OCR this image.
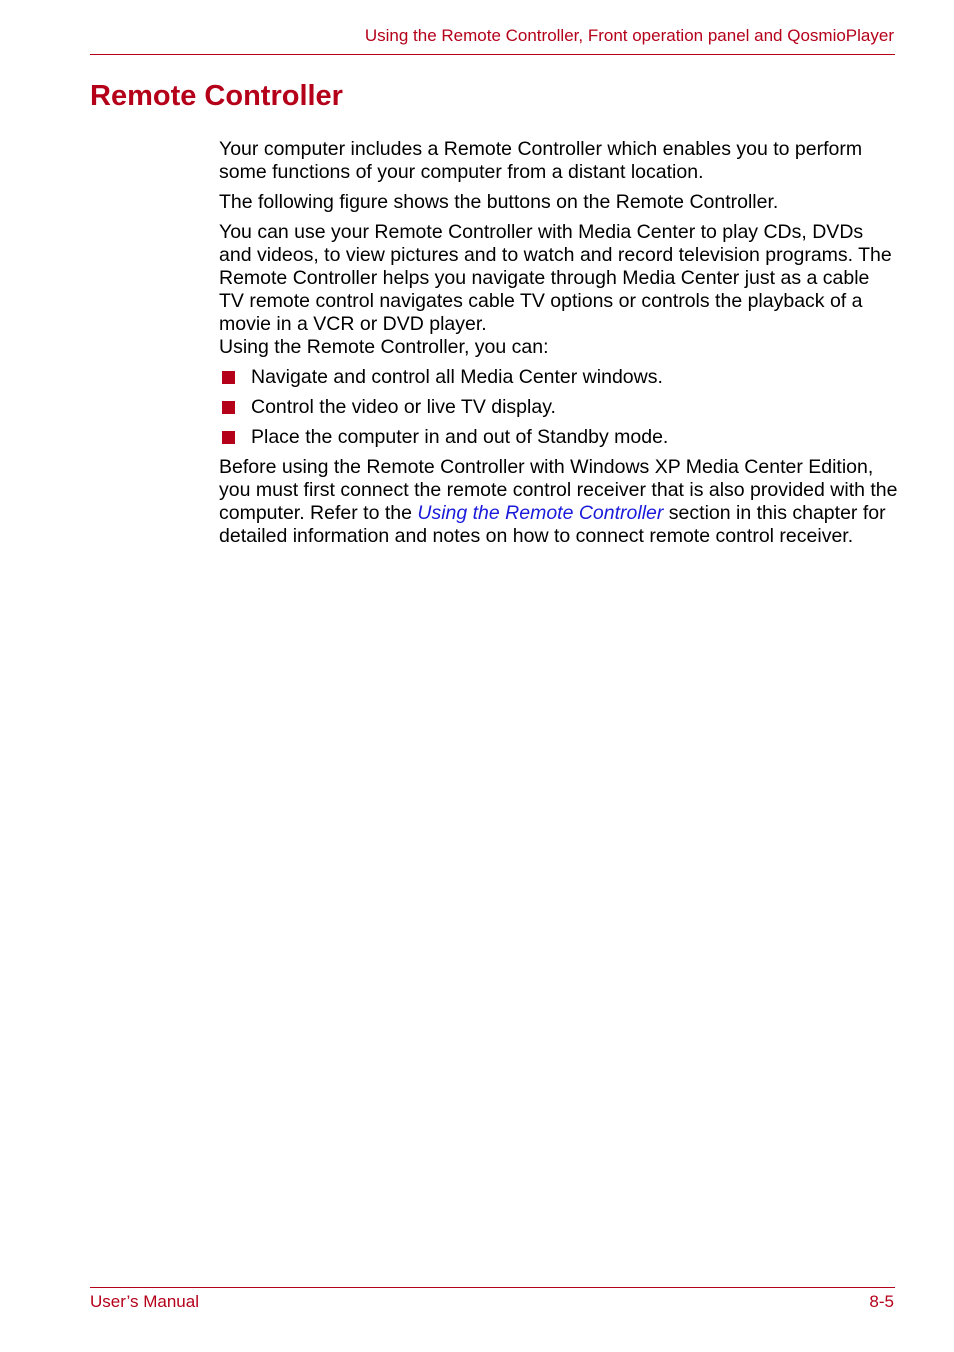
Using the Remote Controller, Front operation panel and QosmioPlayer
Remote Controller

Your computer includes a Remote Controller which enables you to perform some functions of your computer from a distant location.

The following figure shows the buttons on the Remote Controller.

You can use your Remote Controller with Media Center to play CDs, DVDs and videos, to view pictures and to watch and record television programs. The Remote Controller helps you navigate through Media Center just as a cable TV remote control navigates cable TV options or controls the playback of a movie in a VCR or DVD player.

Using the Remote Controller, you can:

Navigate and control all Media Center windows.
Control the video or live TV display.
Place the computer in and out of Standby mode.

Before using the Remote Controller with Windows XP Media Center Edition, you must first connect the remote control receiver that is also provided with the computer. Refer to the Using the Remote Controller section in this chapter for detailed information and notes on how to connect remote control receiver.

User’s Manual	8-5
